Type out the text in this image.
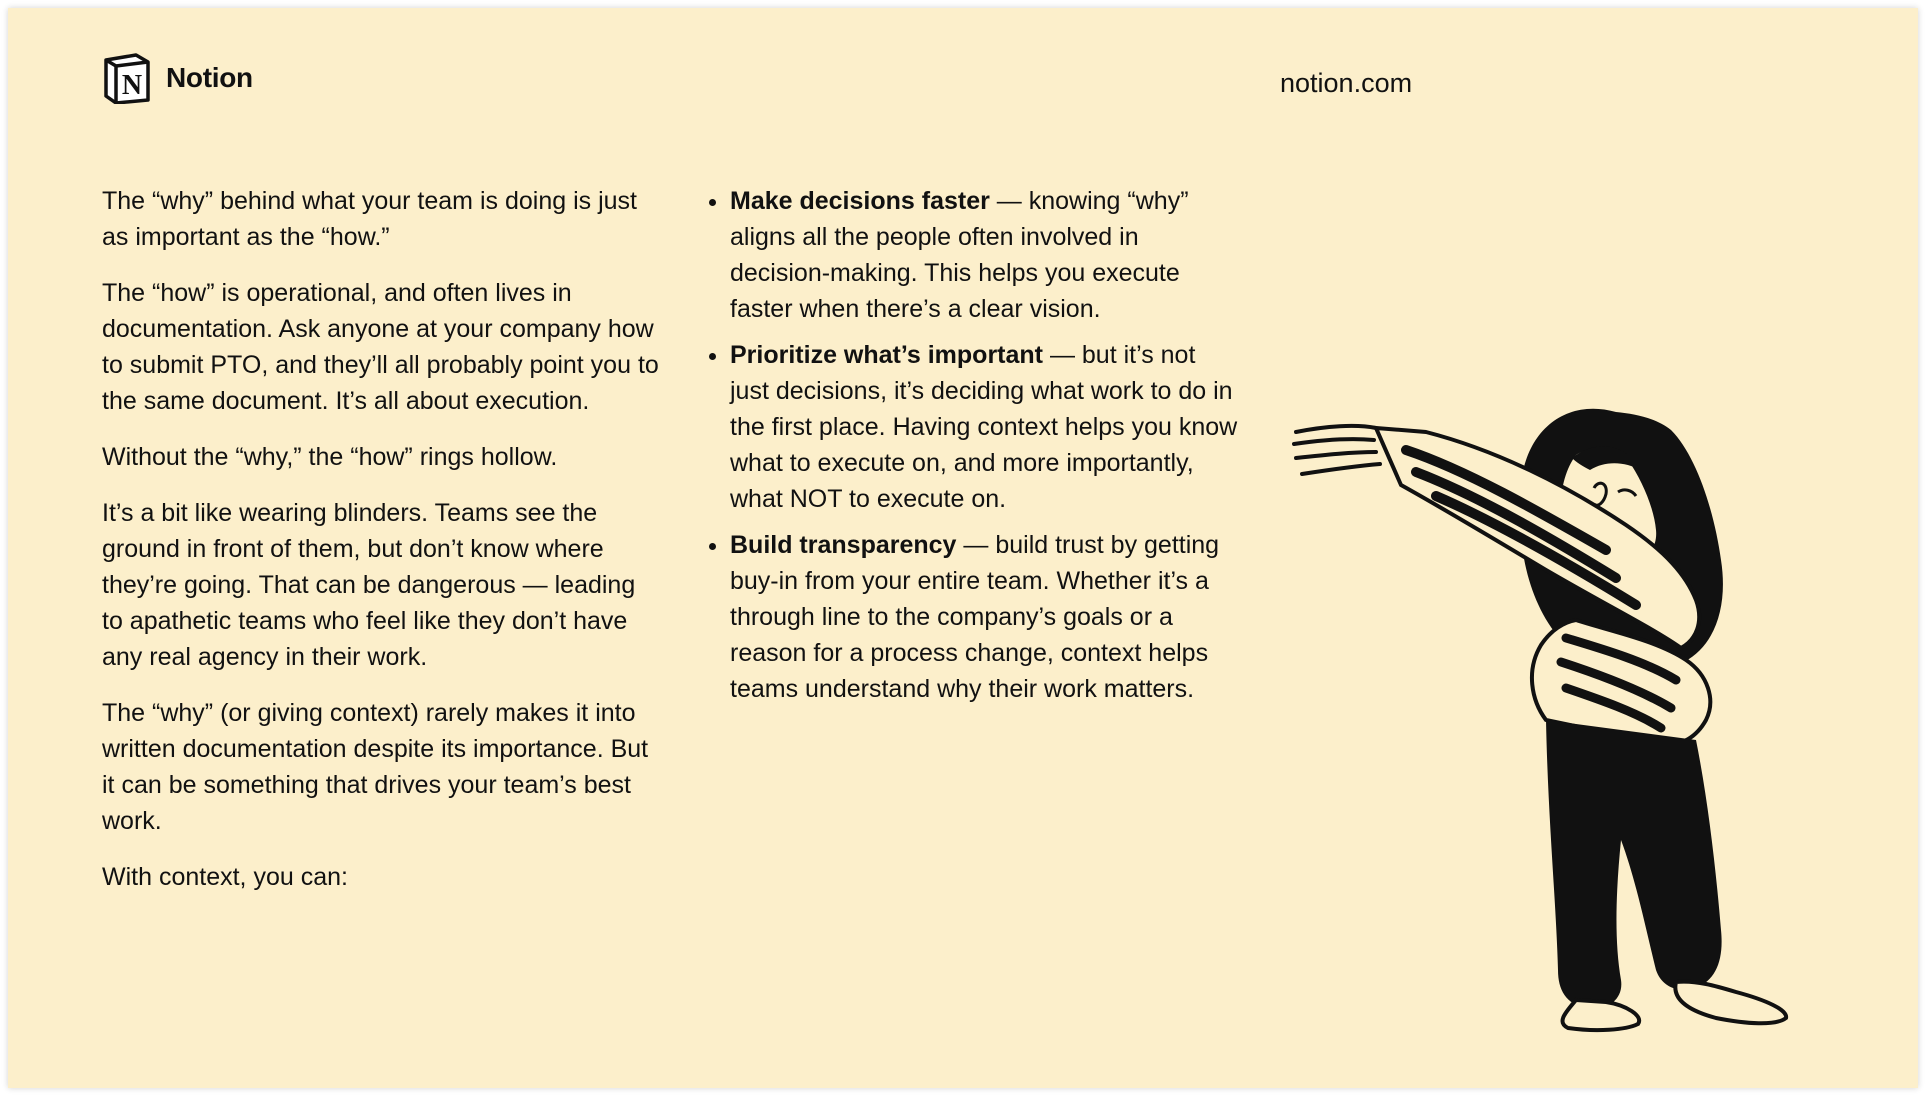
N Notion	notion.com

The “why” behind what your team is doing is just as important as the “how.”

The “how” is operational, and often lives in documentation. Ask anyone at your company how to submit PTO, and they’ll all probably point you to the same document. It’s all about execution.

Without the “why,” the “how” rings hollow.

It’s a bit like wearing blinders. Teams see the ground in front of them, but don’t know where they’re going. That can be dangerous — leading to apathetic teams who feel like they don’t have any real agency in their work.

The “why” (or giving context) rarely makes it into written documentation despite its importance. But it can be something that drives your team’s best work.

With context, you can:

• Make decisions faster — knowing “why” aligns all the people often involved in decision-making. This helps you execute faster when there’s a clear vision.
• Prioritize what’s important — but it’s not just decisions, it’s deciding what work to do in the first place. Having context helps you know what to execute on, and more importantly, what NOT to execute on.
• Build transparency — build trust by getting buy-in from your entire team. Whether it’s a through line to the company’s goals or a reason for a process change, context helps teams understand why their work matters.
